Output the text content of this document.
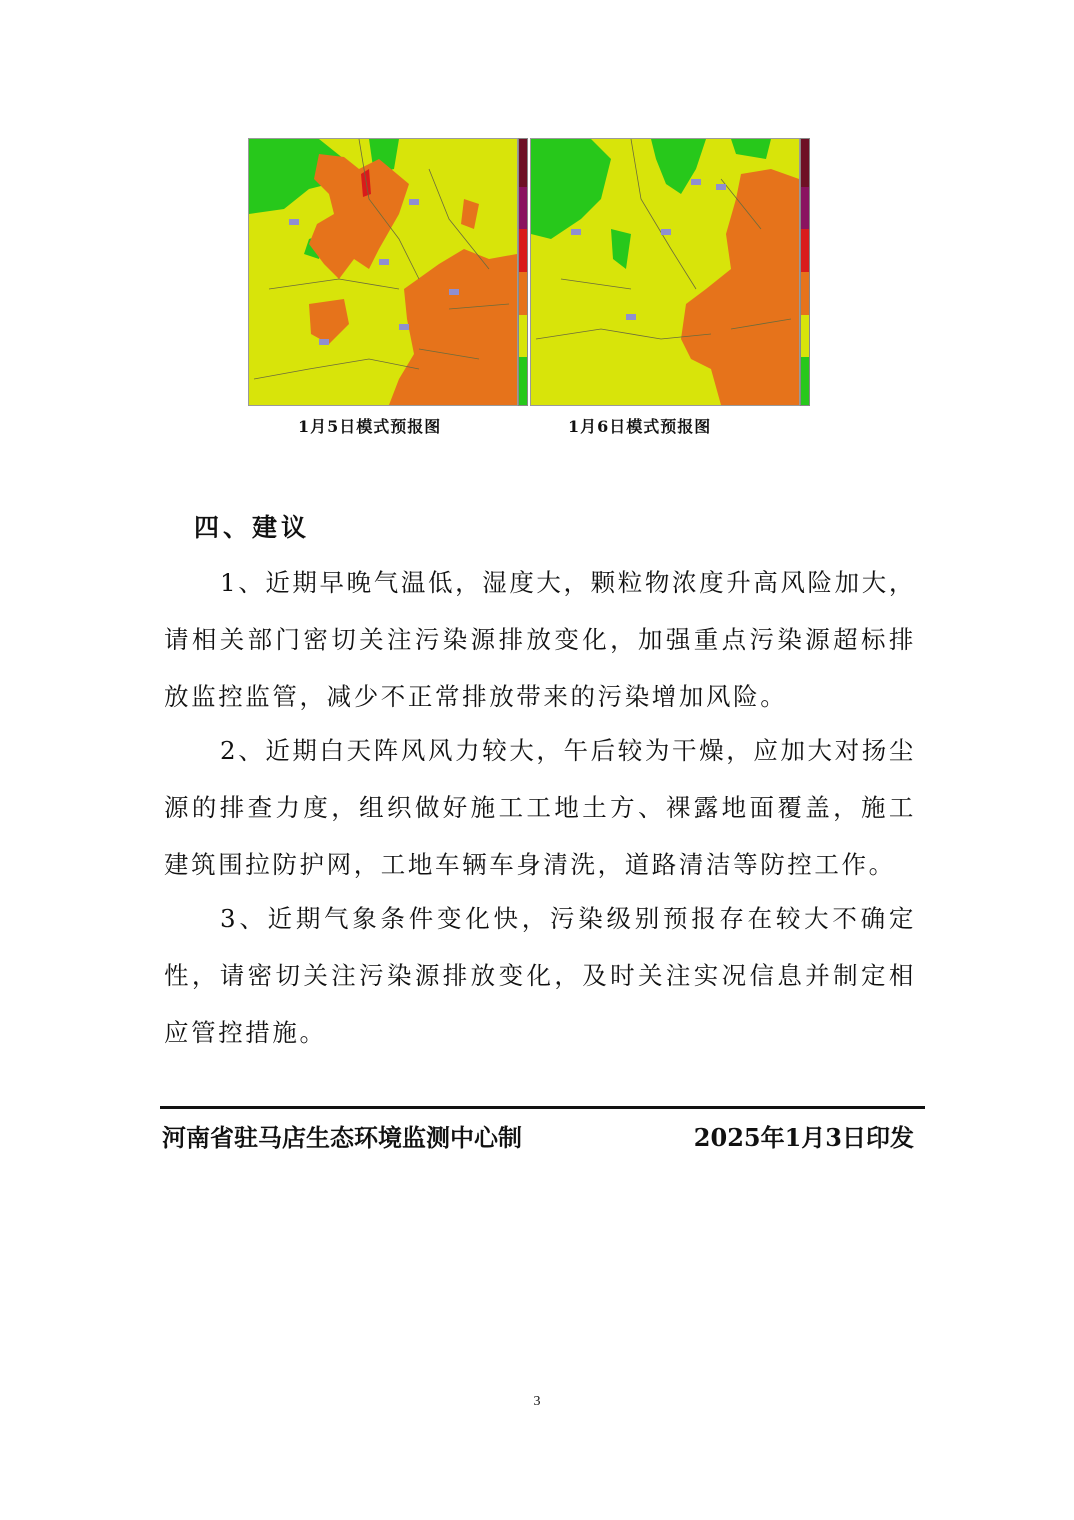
1月5日模式预报图	1月6日模式预报图
四、建议

1、近期早晚气温低，湿度大，颗粒物浓度升高风险加大，请相关部门密切关注污染源排放变化，加强重点污染源超标排放监控监管，减少不正常排放带来的污染增加风险。

2、近期白天阵风风力较大，午后较为干燥，应加大对扬尘源的排查力度，组织做好施工工地土方、裸露地面覆盖，施工建筑围拉防护网，工地车辆车身清洗，道路清洁等防控工作。

3、近期气象条件变化快，污染级别预报存在较大不确定性，请密切关注污染源排放变化，及时关注实况信息并制定相应管控措施。

河南省驻马店生态环境监测中心制	2025年1月3日印发
3
